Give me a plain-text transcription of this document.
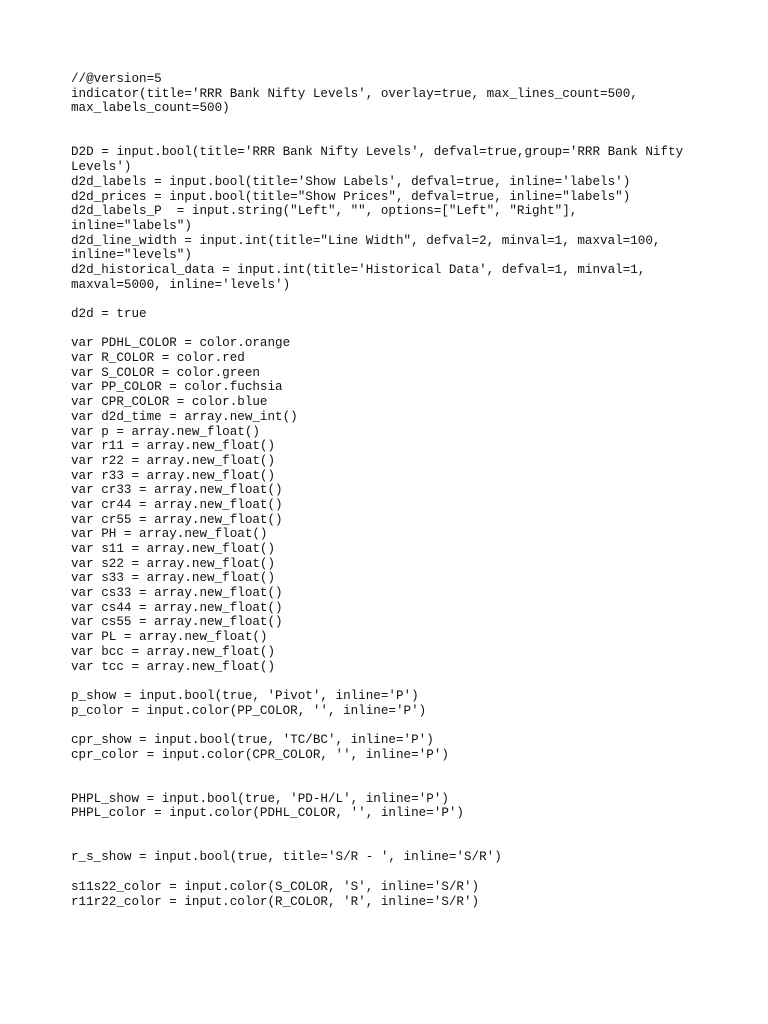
//@version=5
indicator(title='RRR Bank Nifty Levels', overlay=true, max_lines_count=500,
max_labels_count=500)
D2D = input.bool(title='RRR Bank Nifty Levels', defval=true,group='RRR Bank Nifty
Levels')
d2d_labels = input.bool(title='Show Labels', defval=true, inline='labels')
d2d_prices = input.bool(title="Show Prices", defval=true, inline="labels")
d2d_labels_P  = input.string("Left", "", options=["Left", "Right"],
inline="labels")
d2d_line_width = input.int(title="Line Width", defval=2, minval=1, maxval=100,
inline="levels")
d2d_historical_data = input.int(title='Historical Data', defval=1, minval=1,
maxval=5000, inline='levels')
d2d = true
var PDHL_COLOR = color.orange
var R_COLOR = color.red
var S_COLOR = color.green
var PP_COLOR = color.fuchsia
var CPR_COLOR = color.blue
var d2d_time = array.new_int()
var p = array.new_float()
var r11 = array.new_float()
var r22 = array.new_float()
var r33 = array.new_float()
var cr33 = array.new_float()
var cr44 = array.new_float()
var cr55 = array.new_float()
var PH = array.new_float()
var s11 = array.new_float()
var s22 = array.new_float()
var s33 = array.new_float()
var cs33 = array.new_float()
var cs44 = array.new_float()
var cs55 = array.new_float()
var PL = array.new_float()
var bcc = array.new_float()
var tcc = array.new_float()
p_show = input.bool(true, 'Pivot', inline='P')
p_color = input.color(PP_COLOR, '', inline='P')
cpr_show = input.bool(true, 'TC/BC', inline='P')
cpr_color = input.color(CPR_COLOR, '', inline='P')
PHPL_show = input.bool(true, 'PD-H/L', inline='P')
PHPL_color = input.color(PDHL_COLOR, '', inline='P')
r_s_show = input.bool(true, title='S/R - ', inline='S/R')
s11s22_color = input.color(S_COLOR, 'S', inline='S/R')
r11r22_color = input.color(R_COLOR, 'R', inline='S/R')
